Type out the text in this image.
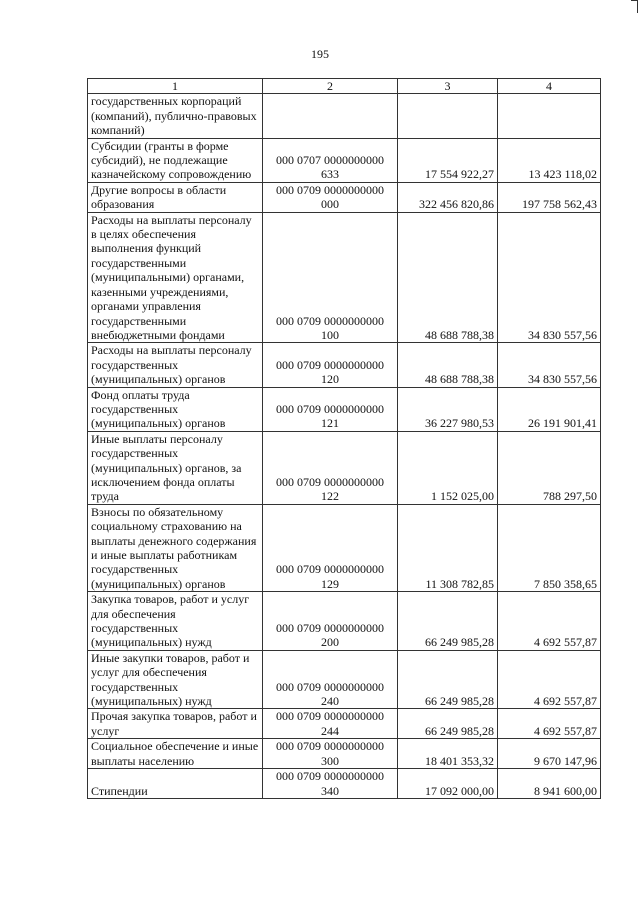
195
1	2	3	4
государственных корпораций (компаний), публично-правовых компаний)			
Субсидии (гранты в форме субсидий), не подлежащие казначейскому сопровождению	000 0707 0000000000 633	17 554 922,27	13 423 118,02
Другие вопросы в области образования	000 0709 0000000000 000	322 456 820,86	197 758 562,43
Расходы на выплаты персоналу в целях обеспечения выполнения функций государственными (муниципальными) органами, казенными учреждениями, органами управления государственными внебюджетными фондами	000 0709 0000000000 100	48 688 788,38	34 830 557,56
Расходы на выплаты персоналу государственных (муниципальных) органов	000 0709 0000000000 120	48 688 788,38	34 830 557,56
Фонд оплаты труда государственных (муниципальных) органов	000 0709 0000000000 121	36 227 980,53	26 191 901,41
Иные выплаты персоналу государственных (муниципальных) органов, за исключением фонда оплаты труда	000 0709 0000000000 122	1 152 025,00	788 297,50
Взносы по обязательному социальному страхованию на выплаты денежного содержания и иные выплаты работникам государственных (муниципальных) органов	000 0709 0000000000 129	11 308 782,85	7 850 358,65
Закупка товаров, работ и услуг для обеспечения государственных (муниципальных) нужд	000 0709 0000000000 200	66 249 985,28	4 692 557,87
Иные закупки товаров, работ и услуг для обеспечения государственных (муниципальных) нужд	000 0709 0000000000 240	66 249 985,28	4 692 557,87
Прочая закупка товаров, работ и услуг	000 0709 0000000000 244	66 249 985,28	4 692 557,87
Социальное обеспечение и иные выплаты населению	000 0709 0000000000 300	18 401 353,32	9 670 147,96
Стипендии	000 0709 0000000000 340	17 092 000,00	8 941 600,00
